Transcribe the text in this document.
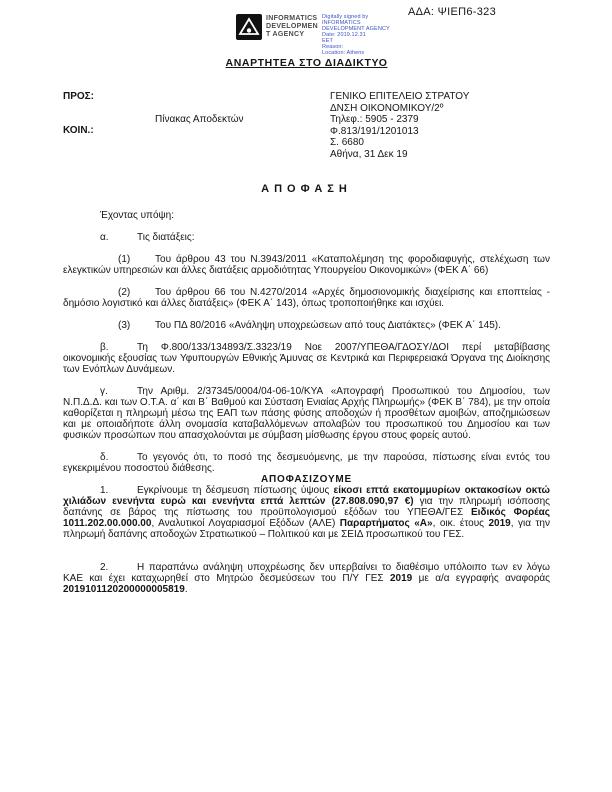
ΑΔΑ: ΨΙΕΠ6-323
INFORMATICS
DEVELOPMEN
T AGENCY
Digitally signed by
INFORMATICS
DEVELOPMENT AGENCY
Date: 2019.12.31
EET
Reason:
Location: Athens
ΑΝΑΡΤΗΤΕΑ ΣΤΟ ΔΙΑΔΙΚΤΥΟ
ΠΡΟΣ:
ΚΟΙΝ.:
Πίνακας Αποδεκτών
ΓΕΝΙΚΟ ΕΠΙΤΕΛΕΙΟ ΣΤΡΑΤΟΥ
ΔΝΣΗ ΟΙΚΟΝΟΜΙΚΟΥ/2º
Τηλεφ.: 5905 - 2379
Φ.813/191/1201013
Σ. 6680
Αθήνα, 31 Δεκ 19
ΑΠΟΦΑΣΗ

Έχοντας υπόψη:

α.	Τις διατάξεις:

(1) Του άρθρου 43 του Ν.3943/2011 «Καταπολέμηση της φοροδιαφυγής, στελέχωση των ελεγκτικών υπηρεσιών και άλλες διατάξεις αρμοδιότητας Υπουργείου Οικονομικών» (ΦΕΚ Α΄ 66)

(2) Του άρθρου 66 του Ν.4270/2014 «Αρχές δημοσιονομικής διαχείρισης και εποπτείας - δημόσιο λογιστικό και άλλες διατάξεις» (ΦΕΚ Α΄ 143), όπως τροποποιήθηκε και ισχύει.

(3) Του ΠΔ 80/2016 «Ανάληψη υποχρεώσεων από τους Διατάκτες» (ΦΕΚ Α΄ 145).

β.	Τη Φ.800/133/134893/Σ.3323/19 Νοε 2007/ΥΠΕΘΑ/ΓΔΟΣΥ/ΔΟΙ περί μεταβίβασης οικονομικής εξουσίας των Υφυπουργών Εθνικής Άμυνας σε Κεντρικά και Περιφερειακά Όργανα της Διοίκησης των Ενόπλων Δυνάμεων.

γ.	Την Αριθμ. 2/37345/0004/04-06-10/ΚΥΑ «Απογραφή Προσωπικού του Δημοσίου, των Ν.Π.Δ.Δ. και των Ο.Τ.Α. α΄ και Β΄ Βαθμού και Σύσταση Ενιαίας Αρχής Πληρωμής» (ΦΕΚ Β΄ 784), με την οποία καθορίζεται η πληρωμή μέσω της ΕΑΠ των πάσης φύσης αποδοχών ή προσθέτων αμοιβών, αποζημιώσεων και με οποιαδήποτε άλλη ονομασία καταβαλλόμενων απολαβών του προσωπικού του Δημοσίου και των φυσικών προσώπων που απασχολούνται με σύμβαση μίσθωσης έργου στους φορείς αυτού.

δ.	Το γεγονός ότι, το ποσό της δεσμευόμενης, με την παρούσα, πίστωσης είναι εντός του εγκεκριμένου ποσοστού διάθεσης.

ΑΠΟΦΑΣΙΖΟΥΜΕ

1.	Εγκρίνουμε τη δέσμευση πίστωσης ύψους είκοσι επτά εκατομμυρίων οκτακοσίων οκτώ χιλιάδων ενενήντα ευρώ και ενενήντα επτά λεπτών (27.808.090,97 €) για την πληρωμή ισόποσης δαπάνης σε βάρος της πίστωσης του προϋπολογισμού εξόδων του ΥΠΕΘΑ/ΓΕΣ Ειδικός Φορέας 1011.202.00.000.00, Αναλυτικοί Λογαριασμοί Εξόδων (ΑΛΕ) Παραρτήματος «Α», οικ. έτους 2019, για την πληρωμή δαπάνης αποδοχών Στρατιωτικού – Πολιτικού και με ΣΕΙΔ προσωπικού του ΓΕΣ.

2.	Η παραπάνω ανάληψη υποχρέωσης δεν υπερβαίνει το διαθέσιμο υπόλοιπο των εν λόγω ΚΑΕ και έχει καταχωρηθεί στο Μητρώο δεσμεύσεων του Π/Υ ΓΕΣ 2019 με α/α εγγραφής αναφοράς 2019101120200000005819.
